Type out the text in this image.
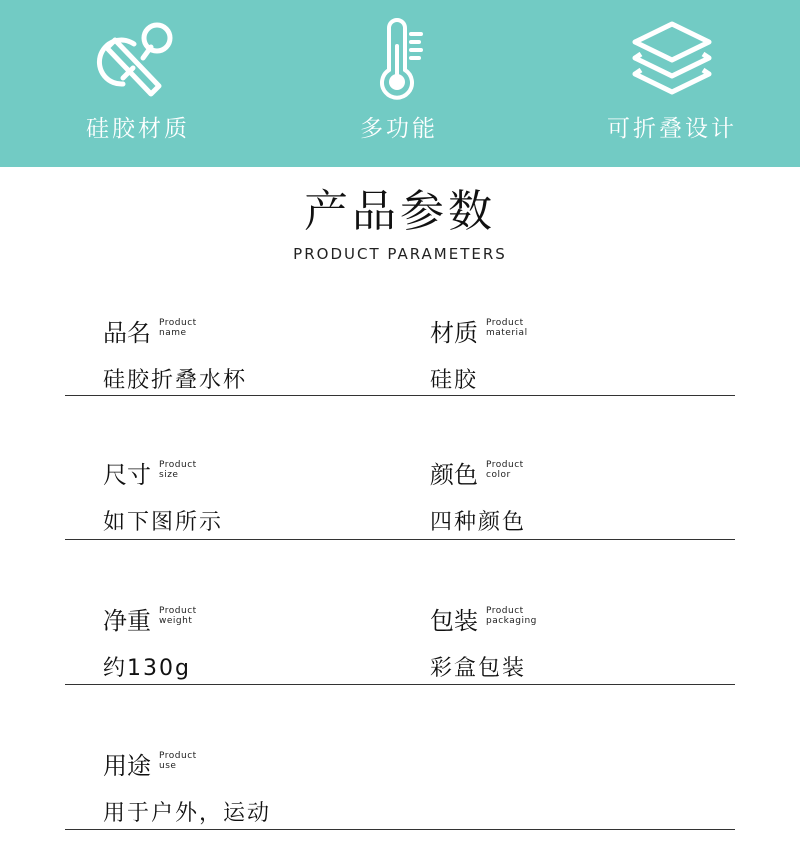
硅胶材质	多功能	可折叠设计
产品参数
PRODUCT PARAMETERS
品名 Product
name
硅胶折叠水杯
材质 Product
material
硅胶
尺寸 Product
size
如下图所示
颜色 Product
color
四种颜色
净重 Product
weight
约130g
包装 Product
packaging
彩盒包装
用途 Product
use
用于户外，运动
